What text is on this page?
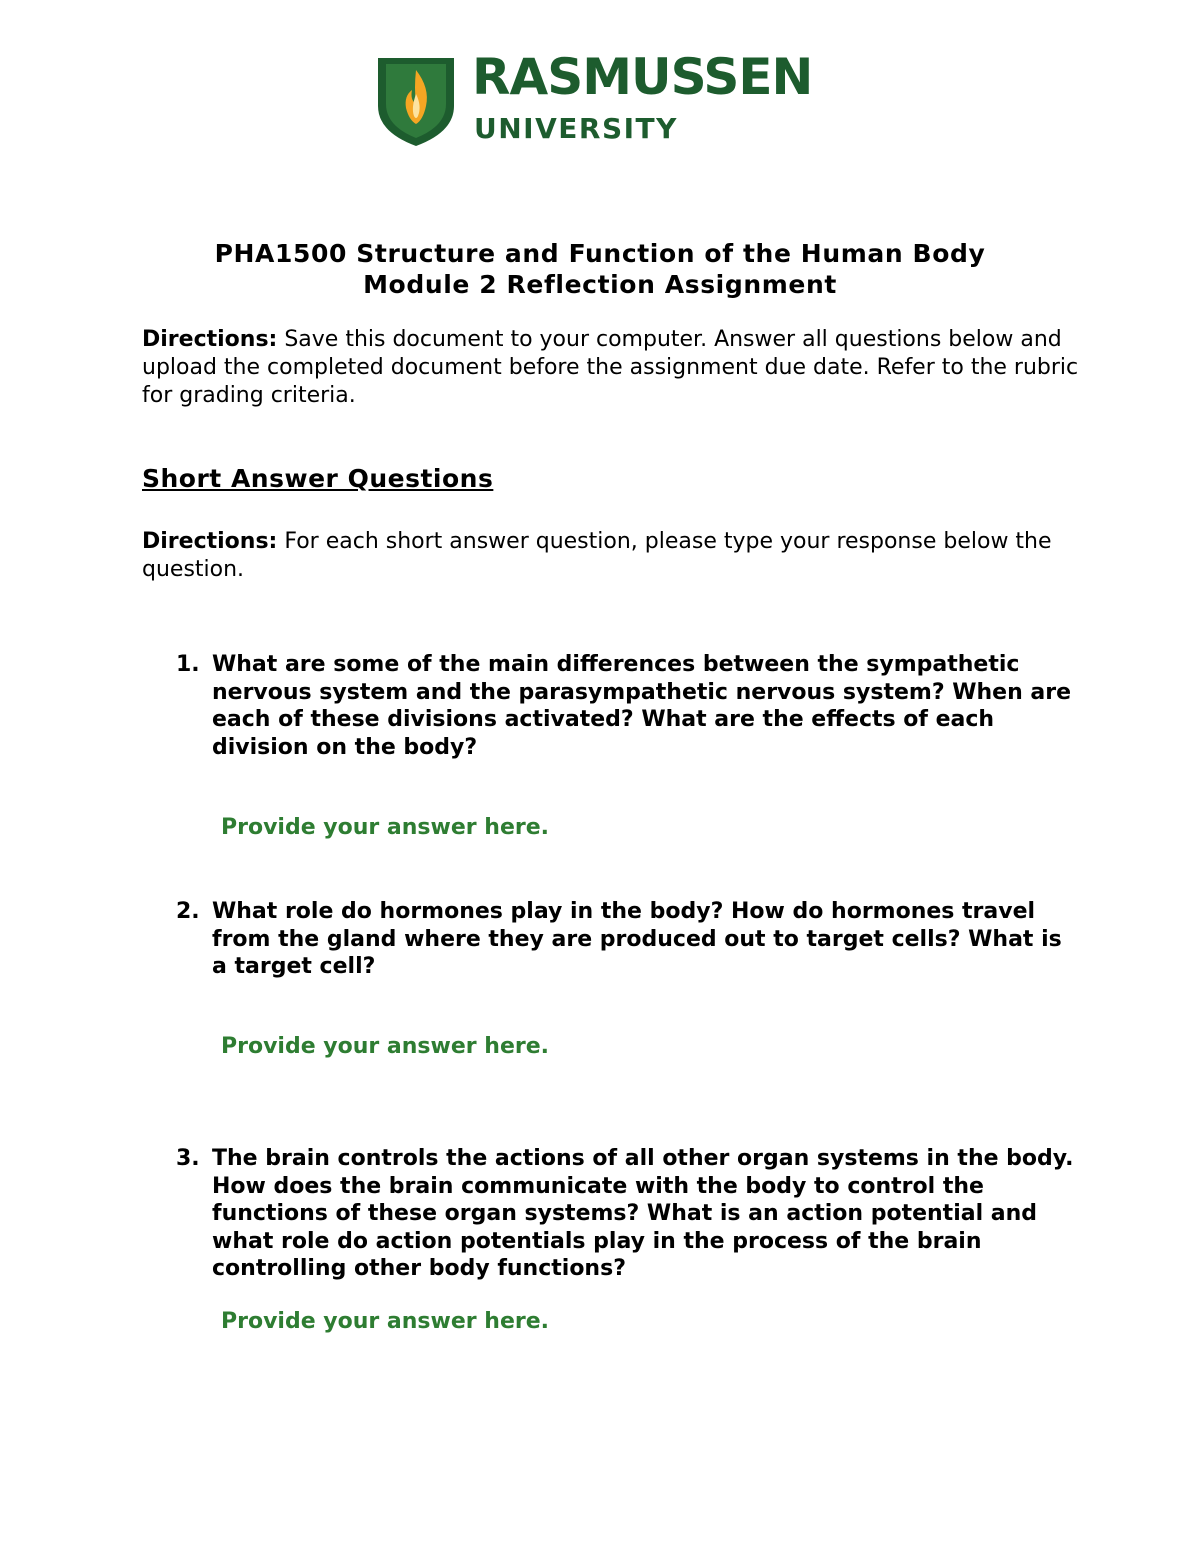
RASMUSSEN
UNIVERSITY
PHA1500 Structure and Function of the Human Body
Module 2 Reflection Assignment
Directions: Save this document to your computer. Answer all questions below and upload the completed document before the assignment due date. Refer to the rubric for grading criteria.
Short Answer Questions
Directions: For each short answer question, please type your response below the question.
1. What are some of the main differences between the sympathetic nervous system and the parasympathetic nervous system? When are each of these divisions activated? What are the effects of each division on the body?
Provide your answer here.
2. What role do hormones play in the body? How do hormones travel from the gland where they are produced out to target cells? What is a target cell?
Provide your answer here.
3. The brain controls the actions of all other organ systems in the body. How does the brain communicate with the body to control the functions of these organ systems? What is an action potential and what role do action potentials play in the process of the brain controlling other body functions?
Provide your answer here.
